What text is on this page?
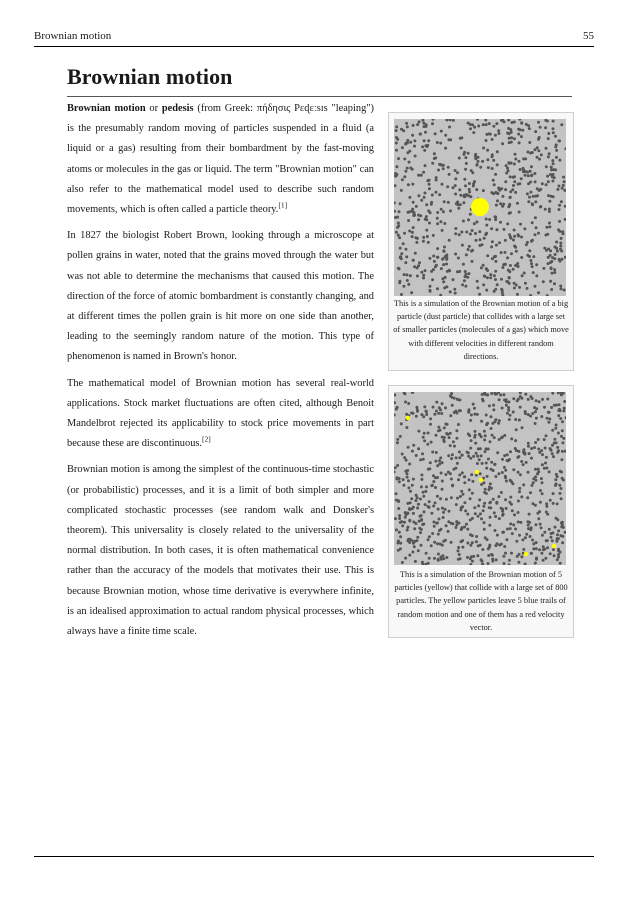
Brownian motion	55
Brownian motion

Brownian motion or pedesis (from Greek: πήδησις Pɛɖɛːsɪs "leaping") is the presumably random moving of particles suspended in a fluid (a liquid or a gas) resulting from their bombardment by the fast-moving atoms or molecules in the gas or liquid. The term "Brownian motion" can also refer to the mathematical model used to describe such random movements, which is often called a particle theory.[1]

In 1827 the biologist Robert Brown, looking through a microscope at pollen grains in water, noted that the grains moved through the water but was not able to determine the mechanisms that caused this motion. The direction of the force of atomic bombardment is constantly changing, and at different times the pollen grain is hit more on one side than another, leading to the seemingly random nature of the motion. This type of phenomenon is named in Brown's honor.

The mathematical model of Brownian motion has several real-world applications. Stock market fluctuations are often cited, although Benoit Mandelbrot rejected its applicability to stock price movements in part because these are discontinuous.[2]

Brownian motion is among the simplest of the continuous-time stochastic (or probabilistic) processes, and it is a limit of both simpler and more complicated stochastic processes (see random walk and Donsker's theorem). This universality is closely related to the universality of the normal distribution. In both cases, it is often mathematical convenience rather than the accuracy of the models that motivates their use. This is because Brownian motion, whose time derivative is everywhere infinite, is an idealised approximation to actual random physical processes, which always have a finite time scale.

This is a simulation of the Brownian motion of a big particle (dust particle) that collides with a large set of smaller particles (molecules of a gas) which move with different velocities in different random directions.
This is a simulation of the Brownian motion of 5 particles (yellow) that collide with a large set of 800 particles. The yellow particles leave 5 blue trails of random motion and one of them has a red velocity vector.
